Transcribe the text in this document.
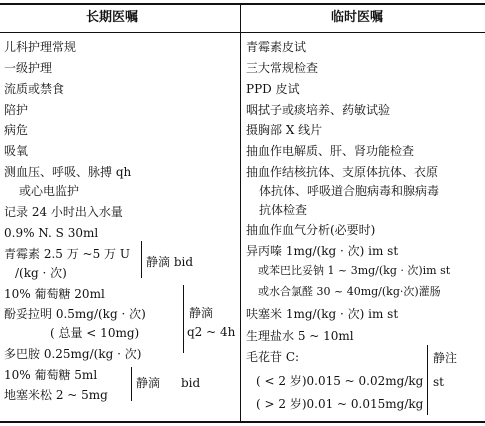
长期医嘱	临时医嘱
儿科护理常规
一级护理
流质或禁食
陪护
病危
吸氧
测血压、呼吸、脉搏 qh
或心电监护
记录 24 小时出入水量
0.9% N. S 30ml
青霉素 2.5 万 ~5 万 U
/(kg · 次)
静滴 bid
10% 葡萄糖 20ml
酚妥拉明 0.5mg/(kg · 次)
( 总量 < 10mg)
多巴胺 0.25mg/(kg · 次)
静滴
q2 ~ 4h
10% 葡萄糖 5ml
地塞米松 2 ~ 5mg
静滴 bid
青霉素皮试
三大常规检查
PPD 皮试
咽拭子或痰培养、药敏试验
摄胸部 X 线片
抽血作电解质、肝、肾功能检查
抽血作结核抗体、支原体抗体、衣原
体抗体、呼吸道合胞病毒和腺病毒
抗体检查
抽血作血气分析(必要时)
异丙嗪 1mg/(kg · 次) im st
或苯巴比妥钠 1 ~ 3mg/(kg · 次)im st
或水合氯醛 30 ~ 40mg/(kg·次)灌肠
呋塞米 1mg/(kg · 次) im st
生理盐水 5 ~ 10ml
毛花苷 C:
( < 2 岁)0.015 ~ 0.02mg/kg
( > 2 岁)0.01 ~ 0.015mg/kg
静注
st
